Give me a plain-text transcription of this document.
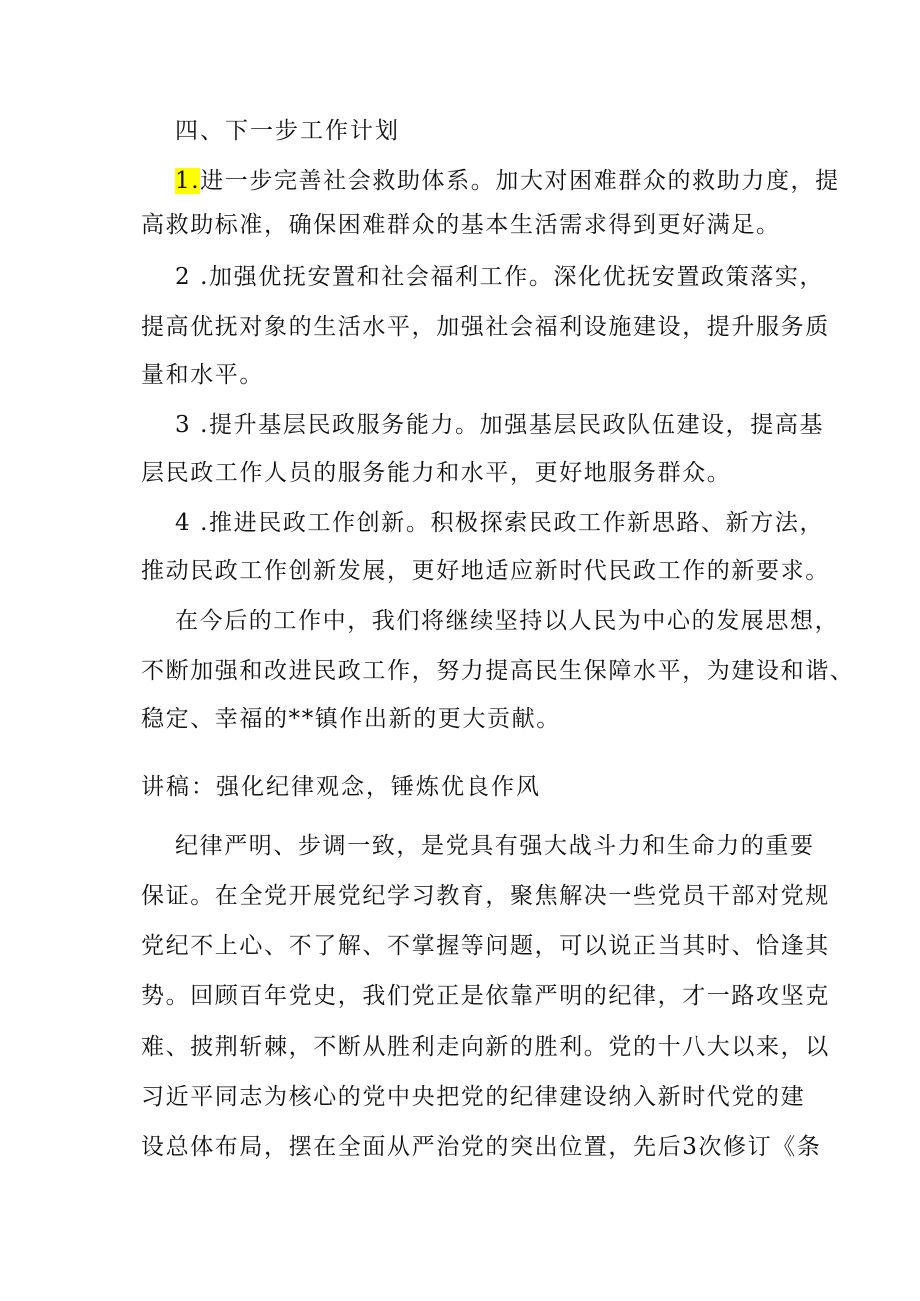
四、下一步工作计划
1.进一步完善社会救助体系。加大对困难群众的救助力度，提
高救助标准，确保困难群众的基本生活需求得到更好满足。
2 .加强优抚安置和社会福利工作。深化优抚安置政策落实，
提高优抚对象的生活水平，加强社会福利设施建设，提升服务质
量和水平。
3 .提升基层民政服务能力。加强基层民政队伍建设，提高基
层民政工作人员的服务能力和水平，更好地服务群众。
4 .推进民政工作创新。积极探索民政工作新思路、新方法，
推动民政工作创新发展，更好地适应新时代民政工作的新要求。
在今后的工作中，我们将继续坚持以人民为中心的发展思想，
不断加强和改进民政工作，努力提高民生保障水平，为建设和谐、
稳定、幸福的**镇作出新的更大贡献。
讲稿：强化纪律观念，锤炼优良作风
纪律严明、步调一致，是党具有强大战斗力和生命力的重要
保证。在全党开展党纪学习教育，聚焦解决一些党员干部对党规
党纪不上心、不了解、不掌握等问题，可以说正当其时、恰逢其
势。回顾百年党史，我们党正是依靠严明的纪律，才一路攻坚克
难、披荆斩棘，不断从胜利走向新的胜利。党的十八大以来，以
习近平同志为核心的党中央把党的纪律建设纳入新时代党的建
设总体布局，摆在全面从严治党的突出位置，先后3次修订《条
